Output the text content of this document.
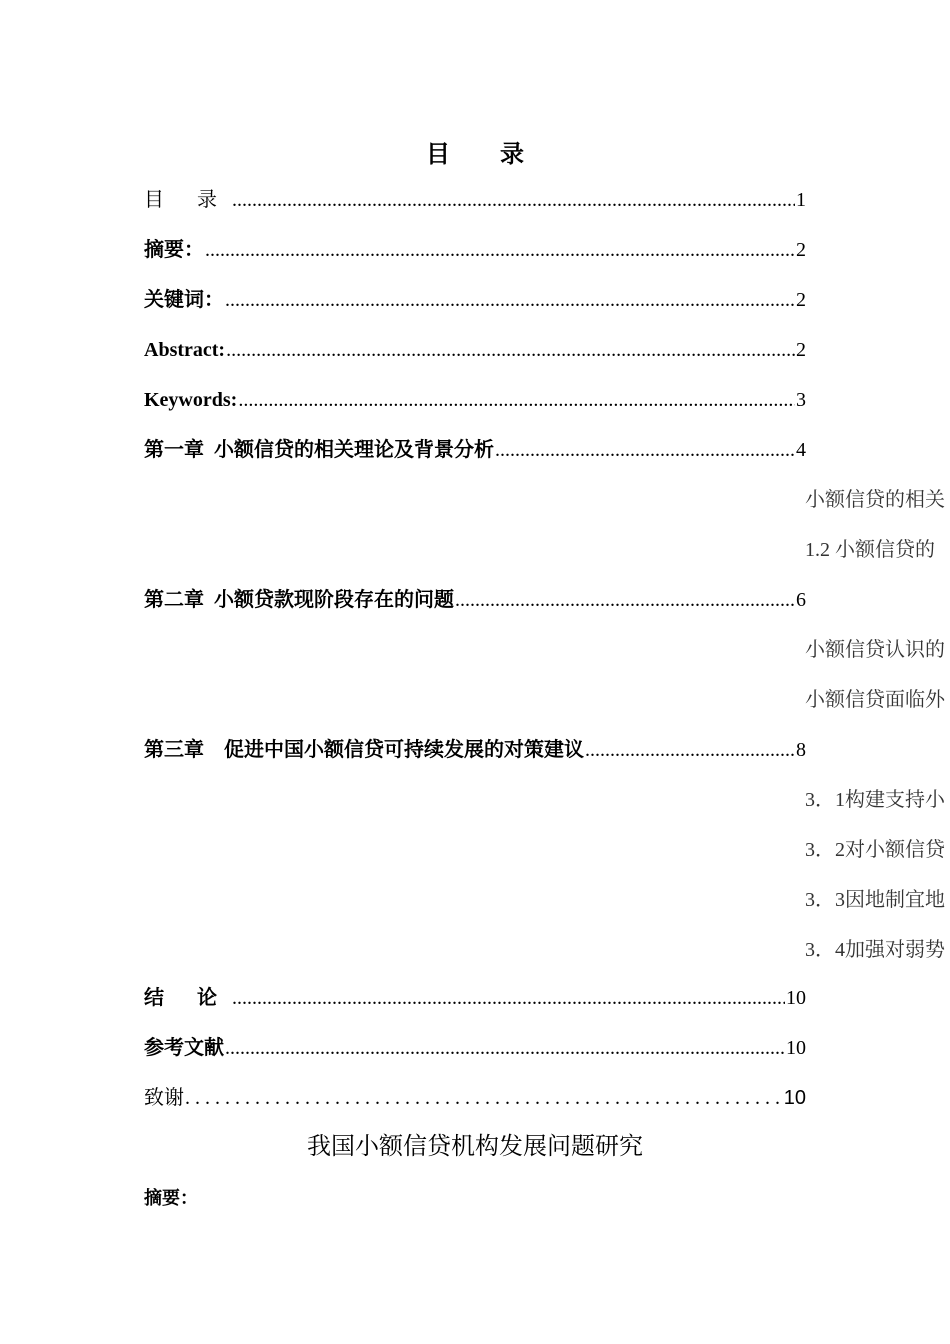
目 录
目 录 .....	1
摘要： .....	2
关键词： .....	2
Abstract: .....	2
Keywords: .....	3
第一章  小额信贷的相关理论及背景分析 .....	4
小额信贷的相关
1.2 小额信贷的
第二章  小额贷款现阶段存在的问题 .....	6
小额信贷认识的
小额信贷面临外
第三章    促进中国小额信贷可持续发展的对策建议 .....	8
3．1构建支持小
3．2对小额信贷
3．3因地制宜地
3．4加强对弱势
结 论 .....	10
参考文献 .....	10
致谢 . . .	10
我国小额信贷机构发展问题研究
摘要：
